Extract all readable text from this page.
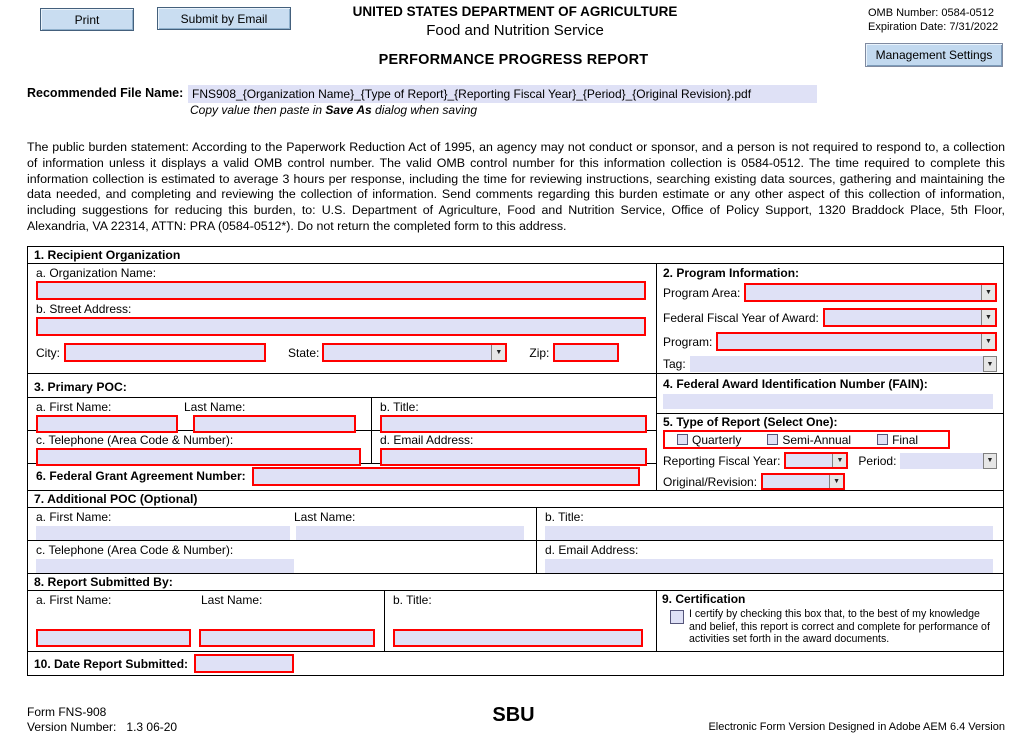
Print	Submit by Email	UNITED STATES DEPARTMENT OF AGRICULTURE
Food and Nutrition Service
OMB Number: 0584-0512
Expiration Date: 7/31/2022
PERFORMANCE PROGRESS REPORT	Management Settings
Recommended File Name: FNS908_{Organization Name}_{Type of Report}_{Reporting Fiscal Year}_{Period}_{Original Revision}.pdf
Copy value then paste in Save As dialog when saving
The public burden statement: According to the Paperwork Reduction Act of 1995, an agency may not conduct or sponsor, and a person is not required to respond to, a collection of information unless it displays a valid OMB control number. The valid OMB control number for this information collection is 0584-0512. The time required to complete this information collection is estimated to average 3 hours per response, including the time for reviewing instructions, searching existing data sources, gathering and maintaining the data needed, and completing and reviewing the collection of information. Send comments regarding this burden estimate or any other aspect of this collection of information, including suggestions for reducing this burden, to: U.S. Department of Agriculture, Food and Nutrition Service, Office of Policy Support, 1320 Braddock Place, 5th Floor, Alexandria, VA 22314, ATTN: PRA (0584-0512*). Do not return the completed form to this address.
1. Recipient Organization
a. Organization Name:
b. Street Address:
City:	State:	▼ Zip:
2. Program Information:
Program Area:	▼
Federal Fiscal Year of Award:	▼
Program:	▼
Tag:	▼
3. Primary POC:
a. First Name:	Last Name:	b. Title:
c. Telephone (Area Code & Number):	d. Email Address:
6. Federal Grant Agreement Number:
4. Federal Award Identification Number (FAIN):
5. Type of Report (Select One):
Quarterly	Semi-Annual	Final
Reporting Fiscal Year:	▼ Period:	▼
Original/Revision:	▼
7. Additional POC (Optional)
a. First Name:	Last Name:	b. Title:
c. Telephone (Area Code & Number):	d. Email Address:
8. Report Submitted By:
a. First Name:	Last Name:	b. Title:	9. Certification
I certify by checking this box that, to the best of my knowledge and belief, this report is correct and complete for performance of activities set forth in the award documents.
10. Date Report Submitted:
Form FNS-908
Version Number: 1.3 06-20
SBU
Electronic Form Version Designed in Adobe AEM 6.4 Version
